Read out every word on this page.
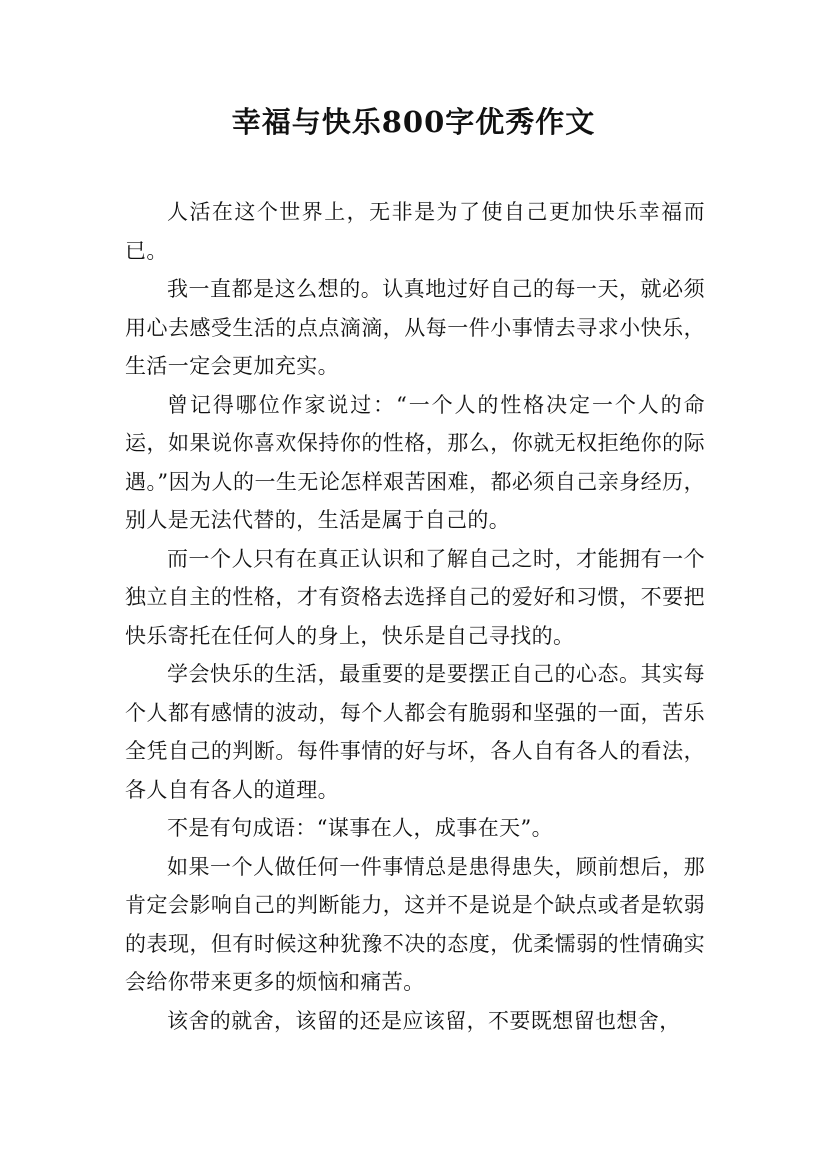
幸福与快乐800字优秀作文

人活在这个世界上，无非是为了使自己更加快乐幸福而已。

我一直都是这么想的。认真地过好自己的每一天，就必须用心去感受生活的点点滴滴，从每一件小事情去寻求小快乐，生活一定会更加充实。

曾记得哪位作家说过：“一个人的性格决定一个人的命运，如果说你喜欢保持你的性格，那么，你就无权拒绝你的际遇。”因为人的一生无论怎样艰苦困难，都必须自己亲身经历，别人是无法代替的，生活是属于自己的。

而一个人只有在真正认识和了解自己之时，才能拥有一个独立自主的性格，才有资格去选择自己的爱好和习惯，不要把快乐寄托在任何人的身上，快乐是自己寻找的。

学会快乐的生活，最重要的是要摆正自己的心态。其实每个人都有感情的波动，每个人都会有脆弱和坚强的一面，苦乐全凭自己的判断。每件事情的好与坏，各人自有各人的看法，各人自有各人的道理。

不是有句成语：“谋事在人，成事在天”。

如果一个人做任何一件事情总是患得患失，顾前想后，那肯定会影响自己的判断能力，这并不是说是个缺点或者是软弱的表现，但有时候这种犹豫不决的态度，优柔懦弱的性情确实会给你带来更多的烦恼和痛苦。

该舍的就舍，该留的还是应该留，不要既想留也想舍，
